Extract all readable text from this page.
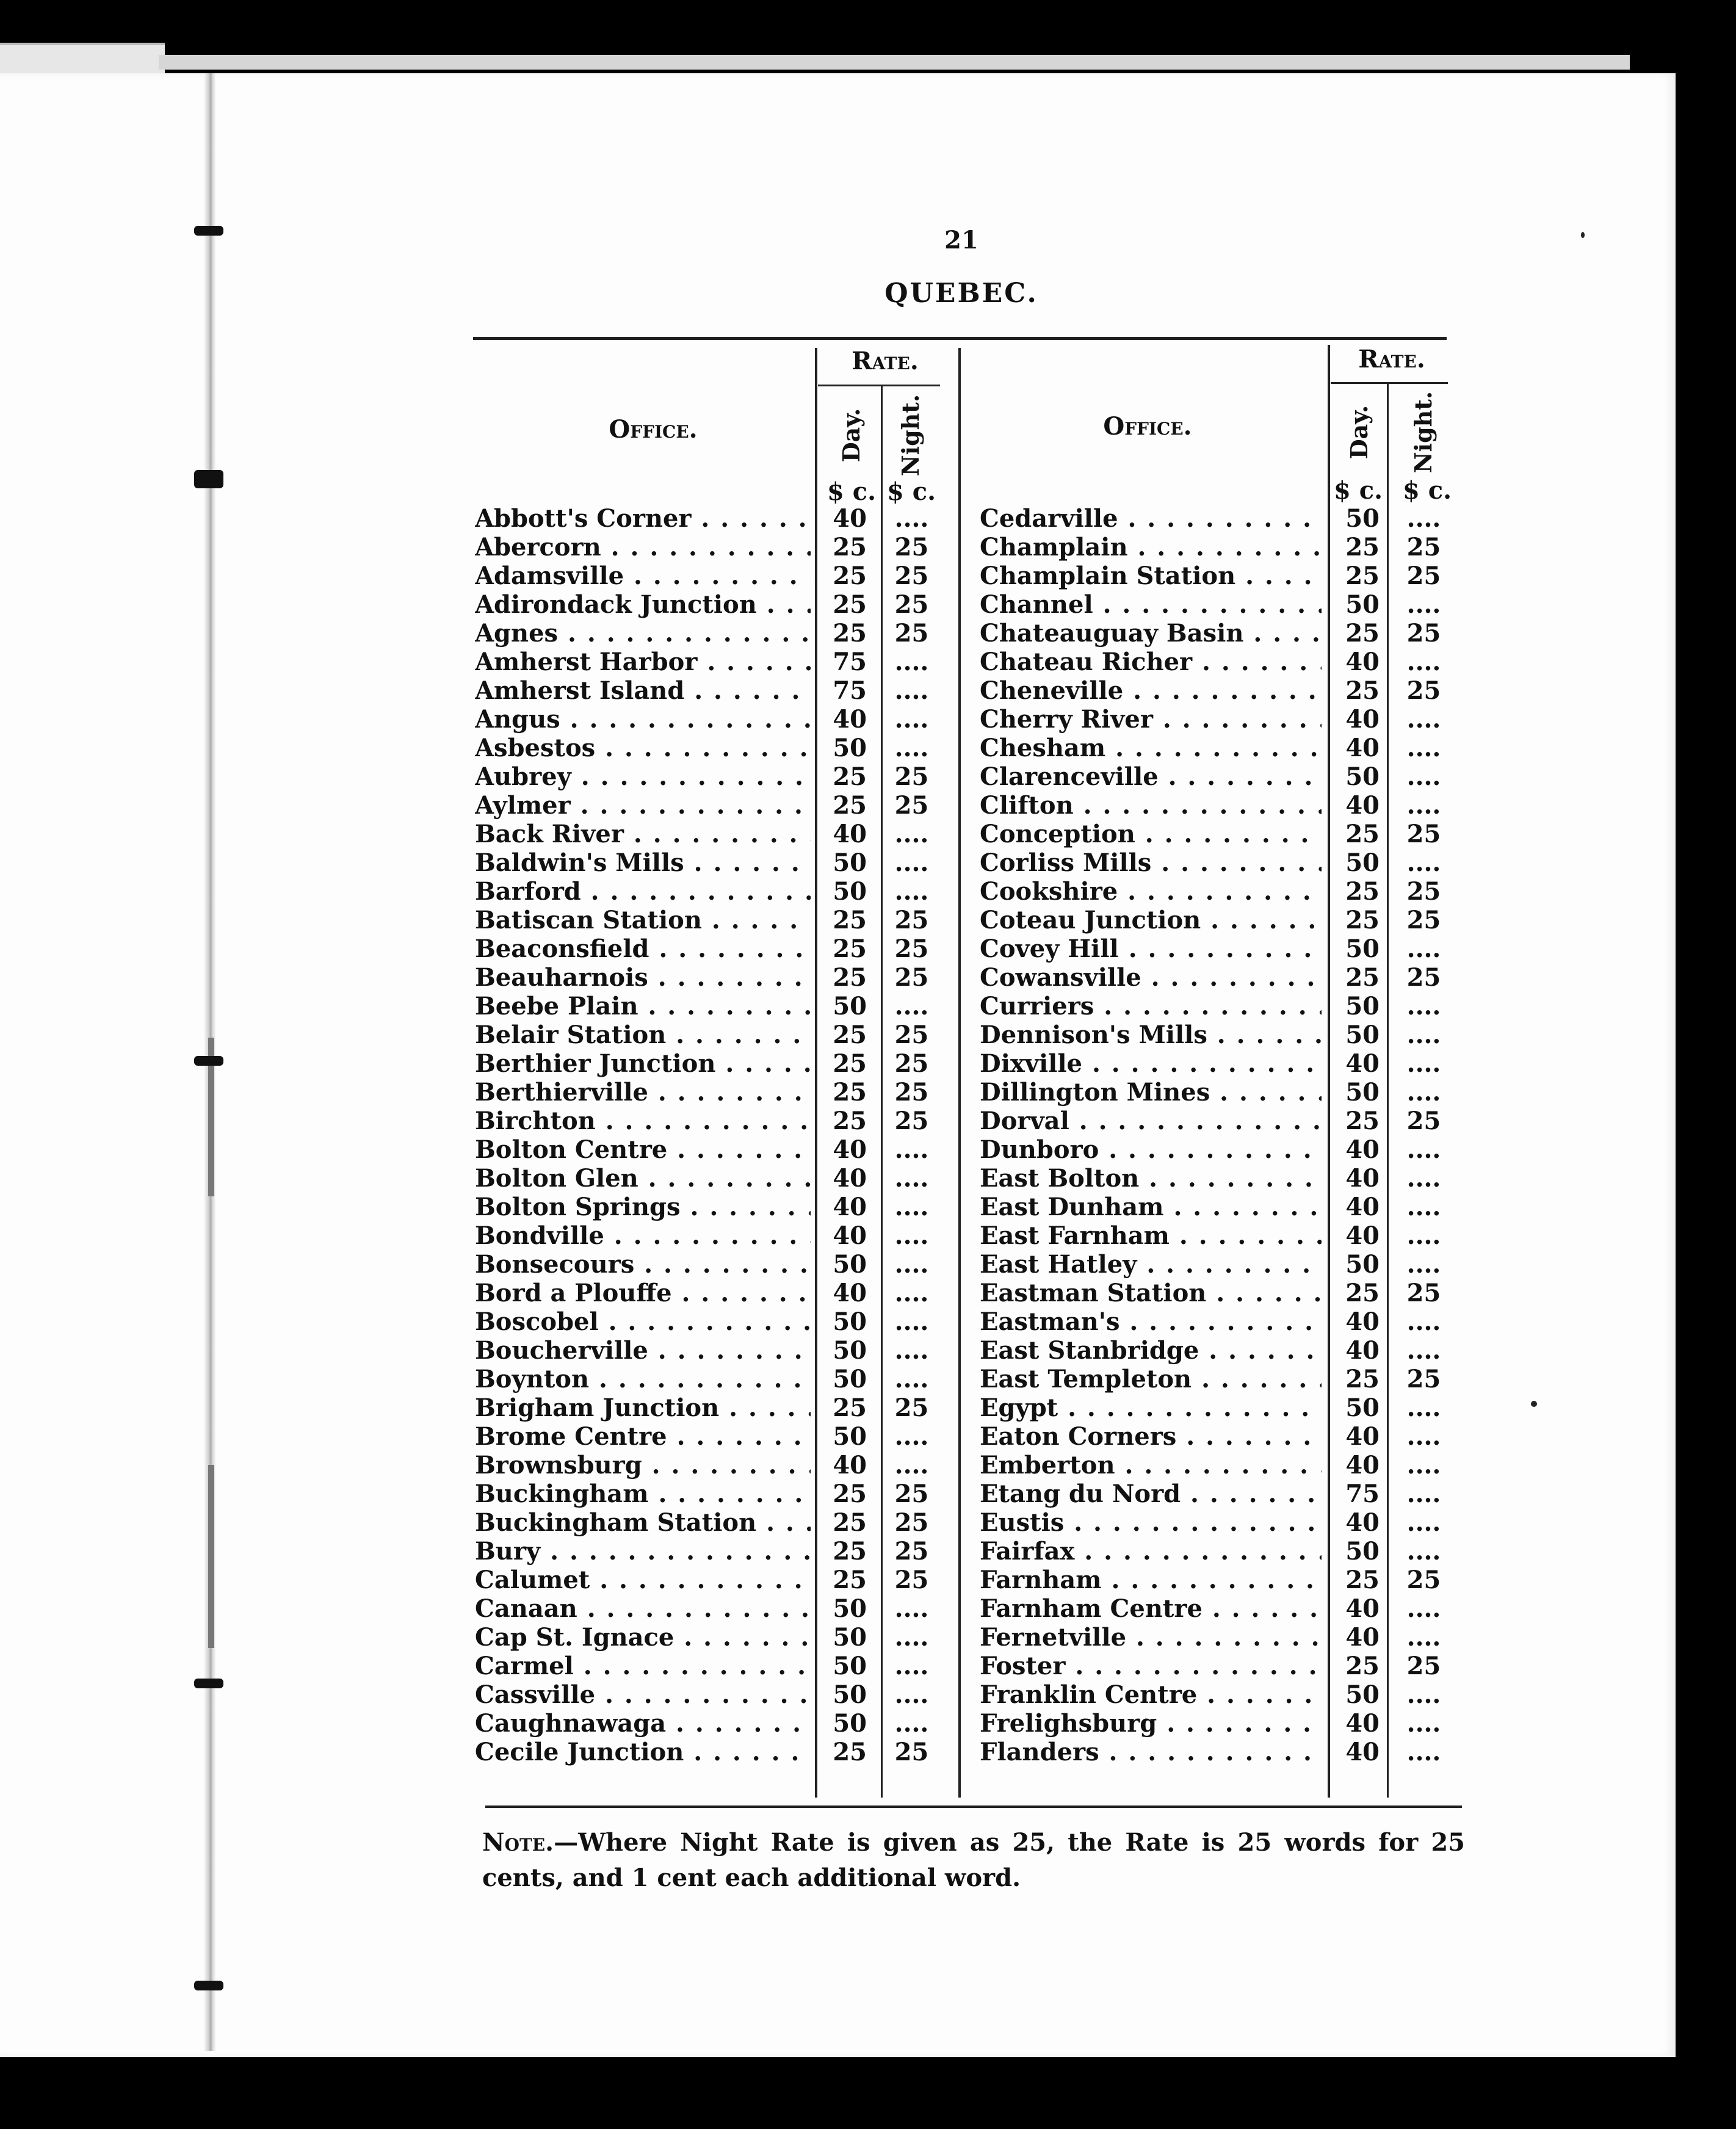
21
QUEBEC.
Office.
Rate.
Day. Night.
$ c. $ c.
Office.
Rate.
Day. Night.
$ c. $ c.
Abbott's Corner . . .	40	....
Abercorn . . .	25	25
Adamsville . . .	25	25
Adirondack Junction . . .	25	25
Agnes . . .	25	25
Amherst Harbor . . .	75	....
Amherst Island . . .	75	....
Angus . . .	40	....
Asbestos . . .	50	....
Aubrey . . .	25	25
Aylmer . . .	25	25
Back River . . .	40	....
Baldwin's Mills . . .	50	....
Barford . . .	50	....
Batiscan Station . . .	25	25
Beaconsfield . . .	25	25
Beauharnois . . .	25	25
Beebe Plain . . .	50	....
Belair Station . . .	25	25
Berthier Junction . . .	25	25
Berthierville . . .	25	25
Birchton . . .	25	25
Bolton Centre . . .	40	....
Bolton Glen . . .	40	....
Bolton Springs . . .	40	....
Bondville . . .	40	....
Bonsecours . . .	50	....
Bord a Plouffe . . .	40	....
Boscobel . . .	50	....
Boucherville . . .	50	....
Boynton . . .	50	....
Brigham Junction . . .	25	25
Brome Centre . . .	50	....
Brownsburg . . .	40	....
Buckingham . . .	25	25
Buckingham Station . . .	25	25
Bury . . .	25	25
Calumet . . .	25	25
Canaan . . .	50	....
Cap St. Ignace . . .	50	....
Carmel . . .	50	....
Cassville . . .	50	....
Caughnawaga . . .	50	....
Cecile Junction . . .	25	25
Cedarville . . .	50	....
Champlain . . .	25	25
Champlain Station . . .	25	25
Channel . . .	50	....
Chateauguay Basin . . .	25	25
Chateau Richer . . .	40	....
Cheneville . . .	25	25
Cherry River . . .	40	....
Chesham . . .	40	....
Clarenceville . . .	50	....
Clifton . . .	40	....
Conception . . .	25	25
Corliss Mills . . .	50	....
Cookshire . . .	25	25
Coteau Junction . . .	25	25
Covey Hill . . .	50	....
Cowansville . . .	25	25
Curriers . . .	50	....
Dennison's Mills . . .	50	....
Dixville . . .	40	....
Dillington Mines . . .	50	....
Dorval . . .	25	25
Dunboro . . .	40	....
East Bolton . . .	40	....
East Dunham . . .	40	....
East Farnham . . .	40	....
East Hatley . . .	50	....
Eastman Station . . .	25	25
Eastman's . . .	40	....
East Stanbridge . . .	40	....
East Templeton . . .	25	25
Egypt . . .	50	....
Eaton Corners . . .	40	....
Emberton . . .	40	....
Etang du Nord . . .	75	....
Eustis . . .	40	....
Fairfax . . .	50	....
Farnham . . .	25	25
Farnham Centre . . .	40	....
Fernetville . . .	40	....
Foster . . .	25	25
Franklin Centre . . .	50	....
Frelighsburg . . .	40	....
Flanders . . .	40	....
Note.—Where Night Rate is given as 25, the Rate is 25 words for 25 cents, and 1 cent each additional word.
